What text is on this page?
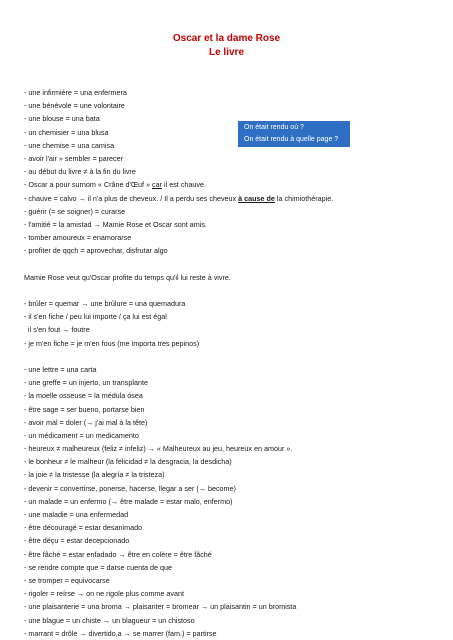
Oscar et la dame Rose
Le livre
- une infirmière = una enfermera
- une bénévole = une volontaire
- une blouse = una bata
- un chemisier = una blusa
- une chemise = una camisa
- avoir l'air » sembler = parecer
- au début du livre ≠ à la fin du livre
- Oscar a pour surnom « Crâne d'Œuf » car il est chauve.
- chauve = calvo → il n'a plus de cheveux. / Il a perdu ses cheveux à cause de la chimiothérapie.
- guérir (= se soigner) = curarse
- l'amitié = la amistad → Mamie Rose et Oscar sont amis.
- tomber amoureux = enamorarse
- profiter de qqch = aprovechar, disfrutar algo
Mamie Rose veut qu'Oscar profite du temps qu'il lui reste à vivre.
- brûler = quemar → une brûlure = una quemadura
- il s'en fiche / peu lui importe / ça lui est égal
il s'en fout → foutre
- je m'en fiche = je m'en fous (me importa tres pepinos)
- une lettre = una carta
- une greffe = un injerto, un transplante
- la moelle osseuse = la médula ósea
- être sage = ser bueno, portarse bien
- avoir mal = doler (→ j'ai mal à la tête)
- un médicament = un medicamento
- heureux ≠ malheureux (feliz ≠ infeliz) → « Malheureux au jeu, heureux en amour ».
- le bonheur ≠ le malheur (la felicidad ≠ la desgracia, la desdicha)
- la joie ≠ la tristesse (la alegría ≠ la tristeza)
- devenir = convertirse, ponerse, hacerse, llegar a ser (→ become)
- un malade = un enfermo (→ être malade = estar malo, enfermo)
- une maladie = una enfermedad
- être découragé = estar desanimado
- être déçu = estar decepcionado
- être fâché = estar enfadado → être en colère = être fâché
- se rendre compte que = darse cuenta de que
- se tromper = equivocarse
- rigoler = reírse → on ne rigole plus comme avant
- une plaisanterie = una broma → plaisanter = bromear → un plaisantin = un bromista
- une blague = un chiste → un blagueur = un chistoso
- marrant = drôle → divertido,a → se marrer (fam.) = partirse
On était rendu où ?
On était rendu à quelle page ?
